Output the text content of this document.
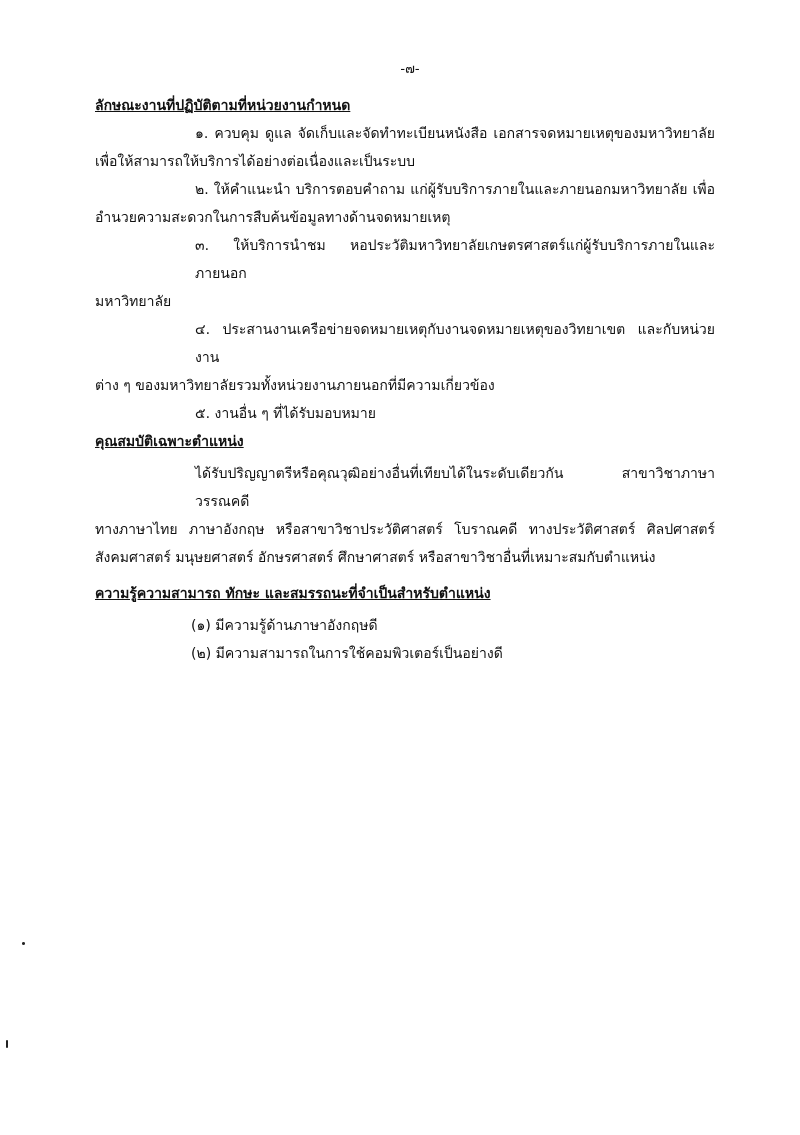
-๗-
ลักษณะงานที่ปฏิบัติตามที่หน่วยงานกำหนด
๑. ควบคุม ดูแล จัดเก็บและจัดทำทะเบียนหนังสือ เอกสารจดหมายเหตุของมหาวิทยาลัย
เพื่อให้สามารถให้บริการได้อย่างต่อเนื่องและเป็นระบบ
๒. ให้คำแนะนำ บริการตอบคำถาม แก่ผู้รับบริการภายในและภายนอกมหาวิทยาลัย เพื่อ
อำนวยความสะดวกในการสืบค้นข้อมูลทางด้านจดหมายเหตุ
๓. ให้บริการนำชม หอประวัติมหาวิทยาลัยเกษตรศาสตร์แก่ผู้รับบริการภายในและภายนอก
มหาวิทยาลัย
๔. ประสานงานเครือข่ายจดหมายเหตุกับงานจดหมายเหตุของวิทยาเขต และกับหน่วยงาน
ต่าง ๆ ของมหาวิทยาลัยรวมทั้งหน่วยงานภายนอกที่มีความเกี่ยวข้อง
๕. งานอื่น ๆ ที่ได้รับมอบหมาย
คุณสมบัติเฉพาะตำแหน่ง
ได้รับปริญญาตรีหรือคุณวุฒิอย่างอื่นที่เทียบได้ในระดับเดียวกัน สาขาวิชาภาษาวรรณคดี
ทางภาษาไทย ภาษาอังกฤษ หรือสาขาวิชาประวัติศาสตร์ โบราณคดี ทางประวัติศาสตร์ ศิลปศาสตร์
สังคมศาสตร์ มนุษยศาสตร์ อักษรศาสตร์ ศึกษาศาสตร์ หรือสาขาวิชาอื่นที่เหมาะสมกับตำแหน่ง
ความรู้ความสามารถ ทักษะ และสมรรถนะที่จำเป็นสำหรับตำแหน่ง
(๑) มีความรู้ด้านภาษาอังกฤษดี
(๒) มีความสามารถในการใช้คอมพิวเตอร์เป็นอย่างดี
